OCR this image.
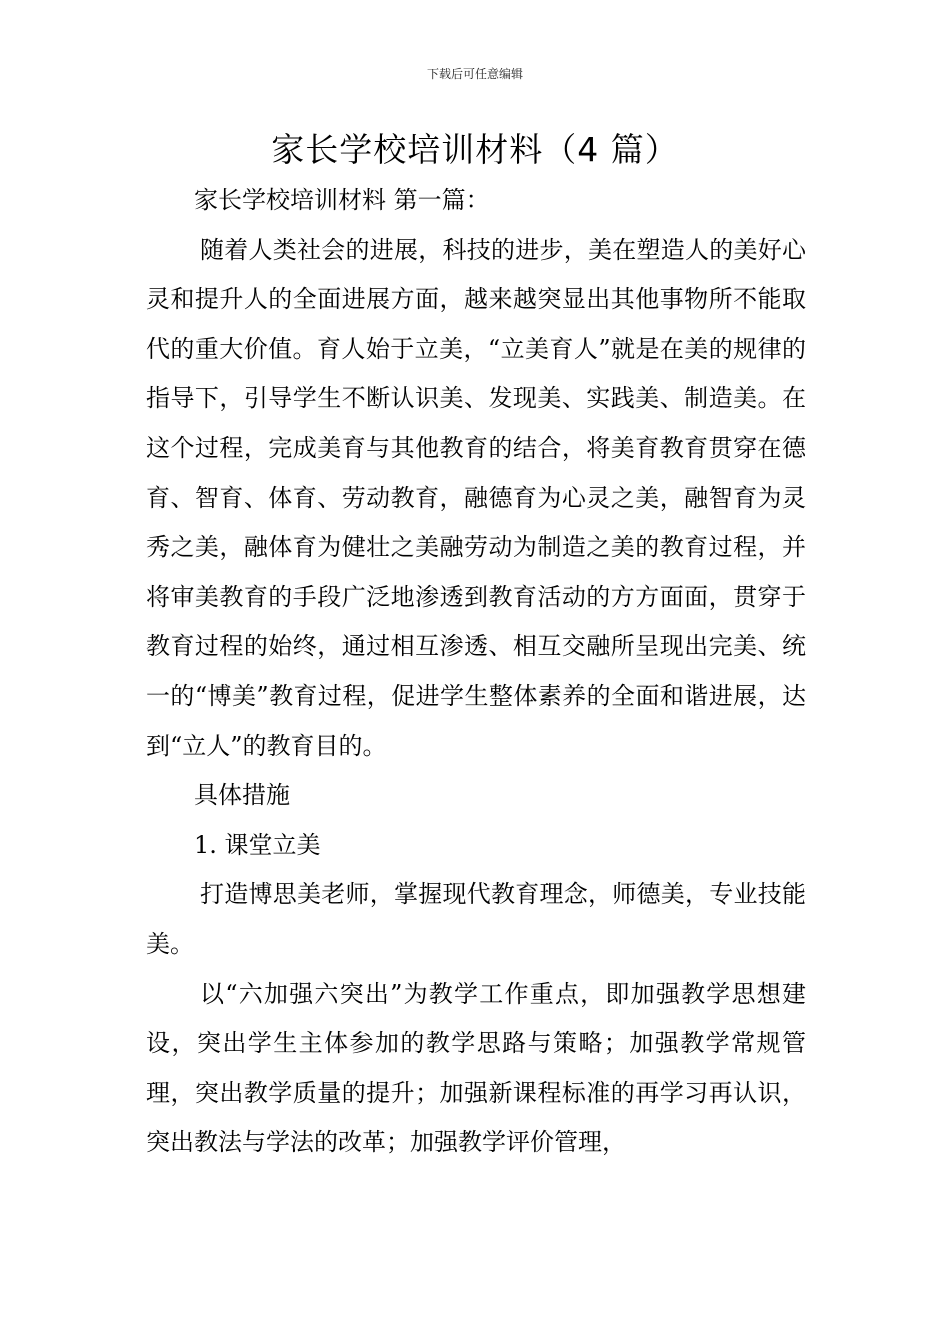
下载后可任意编辑
家长学校培训材料（4 篇）

家长学校培训材料 第一篇：

随着人类社会的进展，科技的进步，美在塑造人的美好心灵和提升人的全面进展方面，越来越突显出其他事物所不能取代的重大价值。育人始于立美，“立美育人”就是在美的规律的指导下，引导学生不断认识美、发现美、实践美、制造美。在这个过程，完成美育与其他教育的结合，将美育教育贯穿在德育、智育、体育、劳动教育，融德育为心灵之美，融智育为灵秀之美，融体育为健壮之美融劳动为制造之美的教育过程，并将审美教育的手段广泛地渗透到教育活动的方方面面，贯穿于教育过程的始终，通过相互渗透、相互交融所呈现出完美、统一的“博美”教育过程，促进学生整体素养的全面和谐进展，达到“立人”的教育目的。

具体措施

1. 课堂立美

打造博思美老师，掌握现代教育理念，师德美，专业技能美。

以“六加强六突出”为教学工作重点，即加强教学思想建设，突出学生主体参加的教学思路与策略；加强教学常规管理，突出教学质量的提升；加强新课程标准的再学习再认识，突出教法与学法的改革；加强教学评价管理，
